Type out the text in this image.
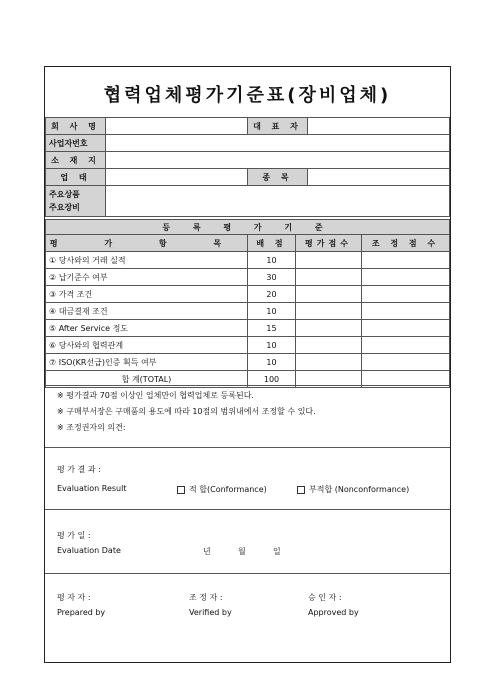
협력업체평가기준표(장비업체)
회 사 명		대 표 자	
사업자번호			
소 재 지			
업 태		종 목	
주요상품
주요장비			
등 록 평 가 기 준			
평 가 항 목	배 점	평가점수	조 정 점 수
① 당사와의 거래 실적	10		
② 납기준수 여부	30		
③ 가격 조건	20		
④ 대금결재 조건	10		
⑤ After Service 정도	15		
⑥ 당사와의 협력관계	10		
⑦ ISO(KR선급)인증 획득 여부	10		
합 계(TOTAL)	100		
※ 평가결과 70점 이상인 업체만이 협력업체로 등록된다.
※ 구매부서장은 구매품의 용도에 따라 10점의 범위내에서 조정할 수 있다.
※ 조정권자의 의견:
평 가 결 과 :
Evaluation Result	적 합(Conformance)	부적합 (Nonconformance)
평 가 일 :
Evaluation Date	년	월	일
평 자 자 :
Prepared by
조 정 자 :
Verified by
승 인 자 :
Approved by
